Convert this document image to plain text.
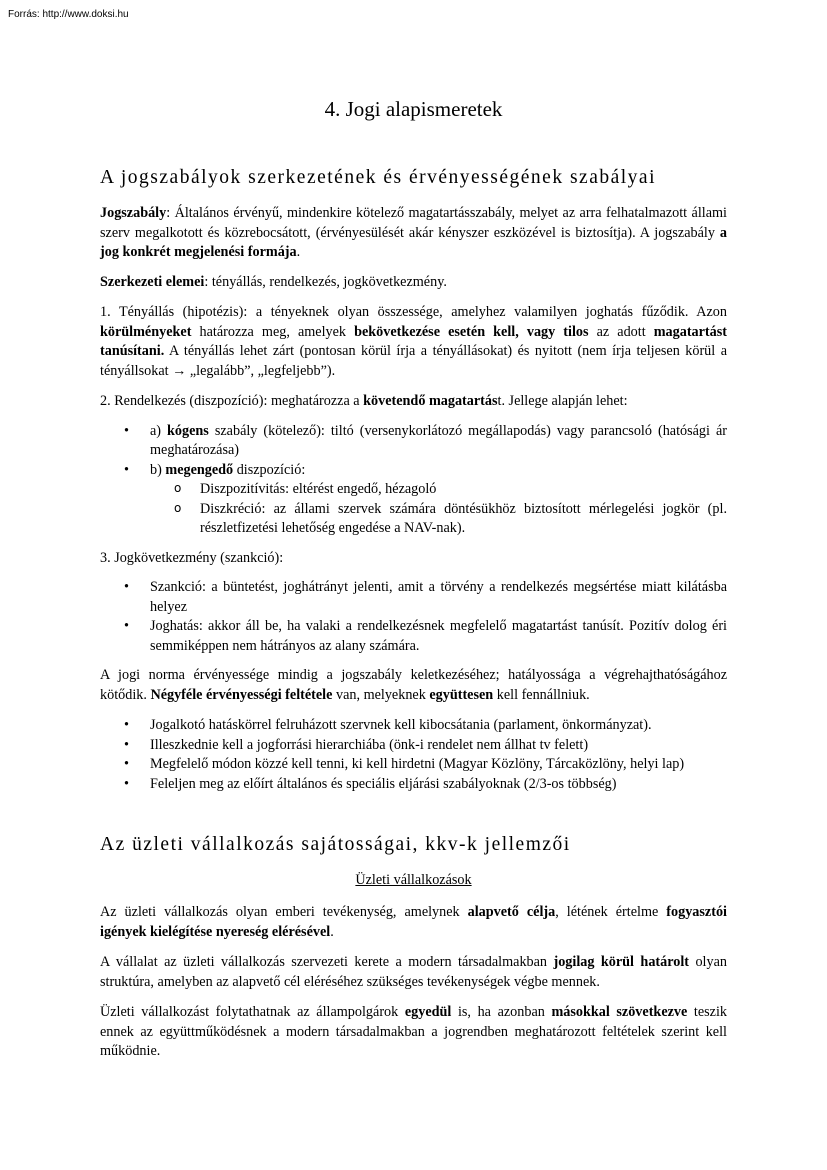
Forrás: http://www.doksi.hu
4. Jogi alapismeretek
A jogszabályok szerkezetének és érvényességének szabályai

Jogszabály: Általános érvényű, mindenkire kötelező magatartásszabály, melyet az arra felhatalmazott állami szerv megalkotott és közrebocsátott, (érvényesülését akár kényszer eszközével is biztosítja). A jogszabály a jog konkrét megjelenési formája.

Szerkezeti elemei: tényállás, rendelkezés, jogkövetkezmény.

1. Tényállás (hipotézis): a tényeknek olyan összessége, amelyhez valamilyen joghatás fűződik. Azon körülményeket határozza meg, amelyek bekövetkezése esetén kell, vagy tilos az adott magatartást tanúsítani. A tényállás lehet zárt (pontosan körül írja a tényállásokat) és nyitott (nem írja teljesen körül a tényállsokat → „legalább”, „legfeljebb”).

2. Rendelkezés (diszpozíció): meghatározza a követendő magatartást. Jellege alapján lehet:

• a) kógens szabály (kötelező): tiltó (versenykorlátozó megállapodás) vagy parancsoló (hatósági ár meghatározása)
• b) megengedő diszpozíció:
o Diszpozitívitás: eltérést engedő, hézagoló
o Diszkréció: az állami szervek számára döntésükhöz biztosított mérlegelési jogkör (pl. részletfizetési lehetőség engedése a NAV-nak).

3. Jogkövetkezmény (szankció):

• Szankció: a büntetést, joghátrányt jelenti, amit a törvény a rendelkezés megsértése miatt kilátásba helyez
• Joghatás: akkor áll be, ha valaki a rendelkezésnek megfelelő magatartást tanúsít. Pozitív dolog éri semmiképpen nem hátrányos az alany számára.

A jogi norma érvényessége mindig a jogszabály keletkezéséhez; hatályossága a végrehajthatóságához kötődik. Négyféle érvényességi feltétele van, melyeknek együttesen kell fennállniuk.

• Jogalkotó hatáskörrel felruházott szervnek kell kibocsátania (parlament, önkormányzat).
• Illeszkednie kell a jogforrási hierarchiába (önk-i rendelet nem állhat tv felett)
• Megfelelő módon közzé kell tenni, ki kell hirdetni (Magyar Közlöny, Tárcaközlöny, helyi lap)
• Feleljen meg az előírt általános és speciális eljárási szabályoknak (2/3-os többség)
Az üzleti vállalkozás sajátosságai, kkv-k jellemzői

Üzleti vállalkozások

Az üzleti vállalkozás olyan emberi tevékenység, amelynek alapvető célja, létének értelme fogyasztói igények kielégítése nyereség elérésével.

A vállalat az üzleti vállalkozás szervezeti kerete a modern társadalmakban jogilag körül határolt olyan struktúra, amelyben az alapvető cél eléréséhez szükséges tevékenységek végbe mennek.

Üzleti vállalkozást folytathatnak az állampolgárok egyedül is, ha azonban másokkal szövetkezve teszik ennek az együttműködésnek a modern társadalmakban a jogrendben meghatározott feltételek szerint kell működnie.
